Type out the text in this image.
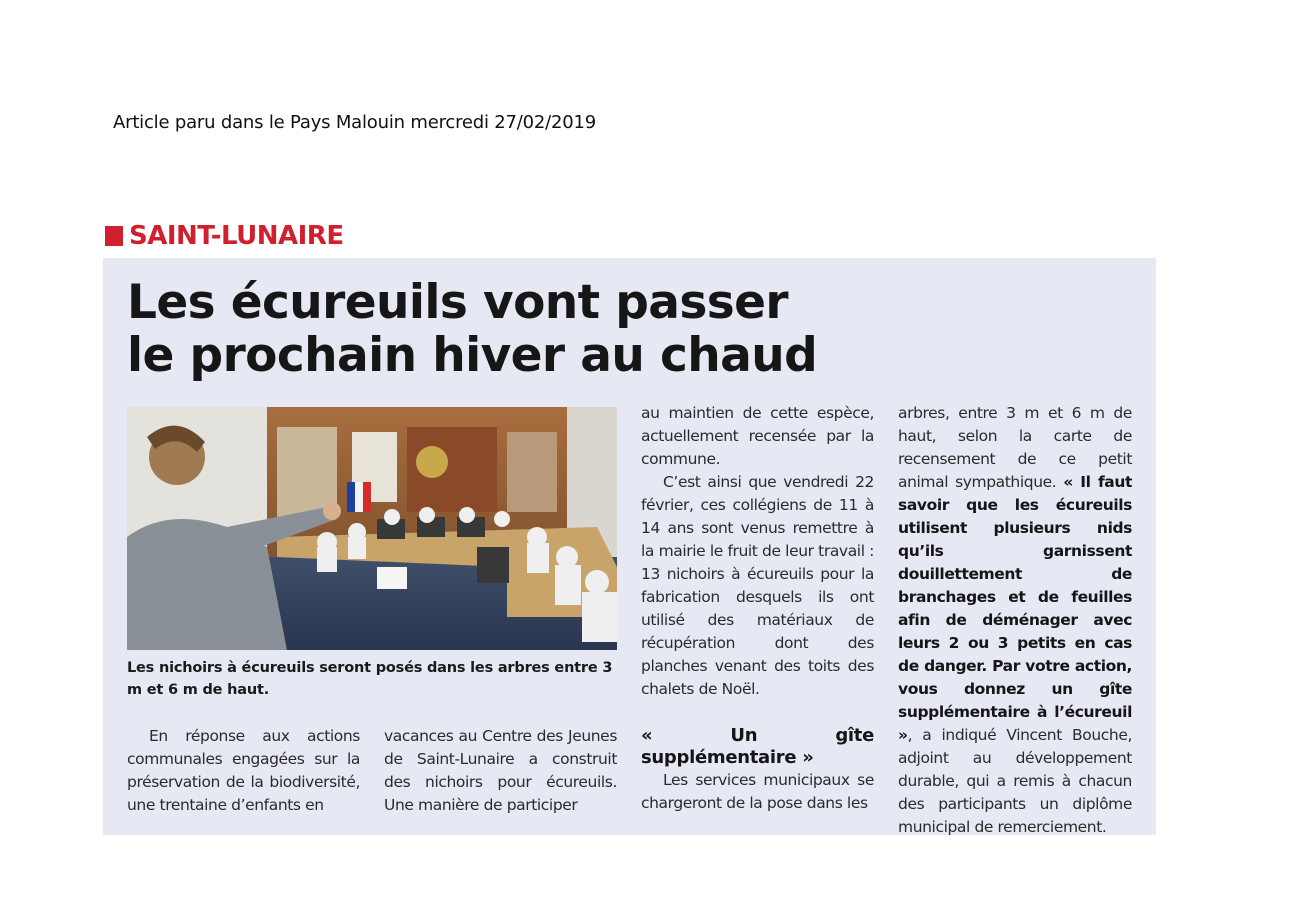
Article paru dans le Pays Malouin mercredi 27/02/2019
SAINT-LUNAIRE
Les écureuils vont passer
le prochain hiver au chaud
Les nichoirs à écureuils seront posés dans les arbres entre 3 m et 6 m de haut.

En réponse aux actions communales engagées sur la préservation de la biodiversité, une trentaine d’enfants en

vacances au Centre des Jeunes de Saint-Lunaire a construit des nichoirs pour écureuils. Une manière de participer

au maintien de cette espèce, actuellement recensée par la commune.

C’est ainsi que vendredi 22 février, ces collégiens de 11 à 14 ans sont venus remettre à la mairie le fruit de leur travail : 13 nichoirs à écureuils pour la fabrication desquels ils ont utilisé des matériaux de récupération dont des planches venant des toits des chalets de Noël.

« Un gîte supplémentaire »

Les services municipaux se chargeront de la pose dans les

arbres, entre 3 m et 6 m de haut, selon la carte de recensement de ce petit animal sympathique. « Il faut savoir que les écureuils utilisent plusieurs nids qu’ils garnissent douillettement de branchages et de feuilles afin de déménager avec leurs 2 ou 3 petits en cas de danger. Par votre action, vous donnez un gîte supplémentaire à l’écureuil », a indiqué Vincent Bouche, adjoint au développement durable, qui a remis à chacun des participants un diplôme municipal de remerciement.
